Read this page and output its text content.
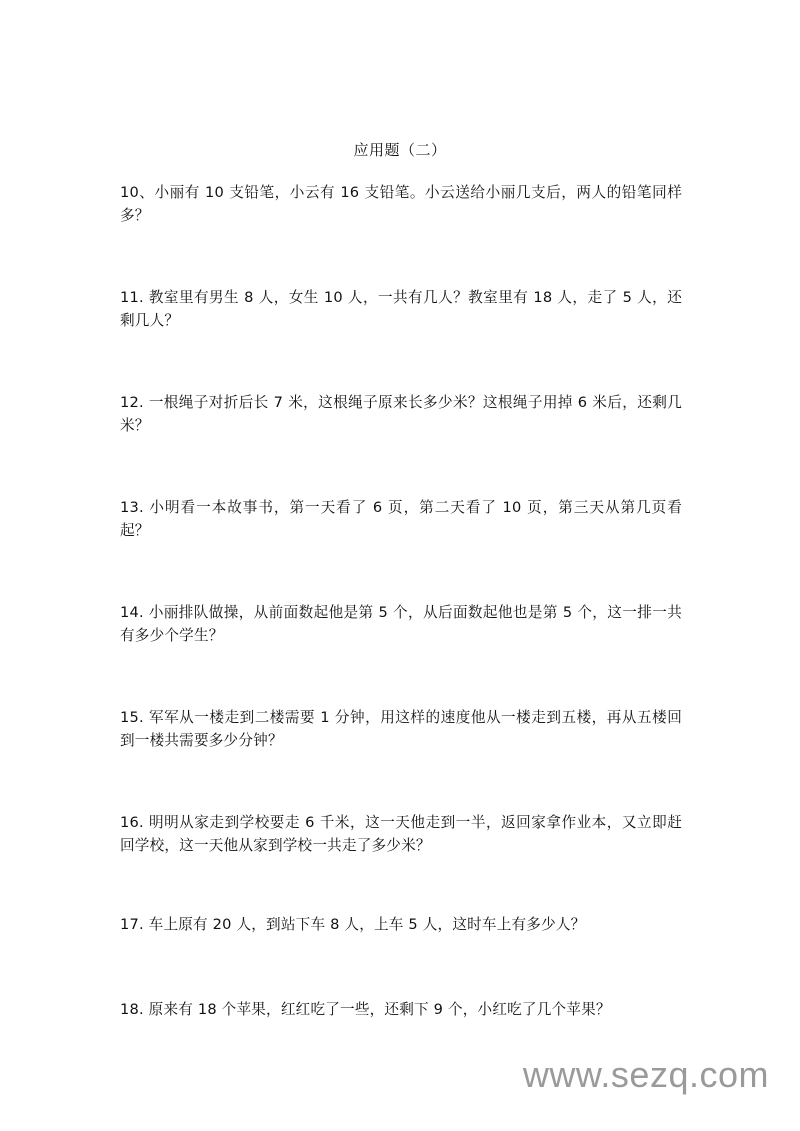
应用题（二）
10、小丽有 10 支铅笔，小云有 16 支铅笔。小云送给小丽几支后，两人的铅笔同样多？
11. 教室里有男生 8 人，女生 10 人，一共有几人？教室里有 18 人，走了 5 人，还剩几人？
12. 一根绳子对折后长 7 米，这根绳子原来长多少米？这根绳子用掉 6 米后，还剩几米？
13. 小明看一本故事书，第一天看了 6 页，第二天看了 10 页，第三天从第几页看起？
14. 小丽排队做操，从前面数起他是第 5 个，从后面数起他也是第 5 个，这一排一共有多少个学生？
15. 军军从一楼走到二楼需要 1 分钟，用这样的速度他从一楼走到五楼，再从五楼回到一楼共需要多少分钟？
16. 明明从家走到学校要走 6 千米，这一天他走到一半，返回家拿作业本，又立即赶回学校，这一天他从家到学校一共走了多少米？
17. 车上原有 20 人，到站下车 8 人，上车 5 人，这时车上有多少人？
18. 原来有 18 个苹果，红红吃了一些，还剩下 9 个，小红吃了几个苹果？
www.sezq.com
